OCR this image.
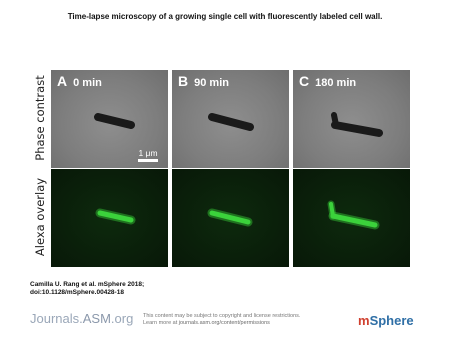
Time-lapse microscopy of a growing single cell with fluorescently labeled cell wall.
Phase contrast
Alexa overlay
A 0 min	B 90 min	C 180 min
1 μm
Camilla U. Rang et al. mSphere 2018;
doi:10.1128/mSphere.00428-18
Journals.ASM.org This content may be subject to copyright and license restrictions.
Learn more at journals.asm.org/content/permissions	mSphere
